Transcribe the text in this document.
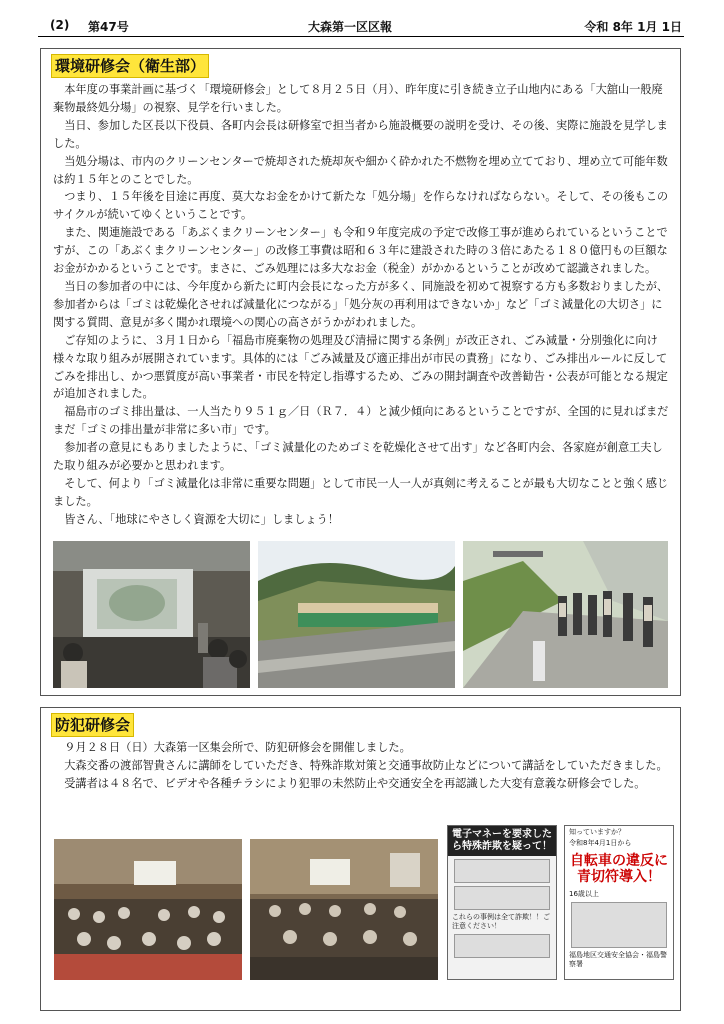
(2) 第47号	大森第一区区報	令和 8年 1月 1日
環境研修会（衛生部）

本年度の事業計画に基づく「環境研修会」として８月２５日（月）、昨年度に引き続き立子山地内にある「大舘山一般廃棄物最終処分場」の視察、見学を行いました。

当日、参加した区長以下役員、各町内会長は研修室で担当者から施設概要の説明を受け、その後、実際に施設を見学しました。

当処分場は、市内のクリーンセンターで焼却された焼却灰や細かく砕かれた不燃物を埋め立てており、埋め立て可能年数は約１５年とのことでした。

つまり、１５年後を目途に再度、莫大なお金をかけて新たな「処分場」を作らなければならない。そして、その後もこのサイクルが続いてゆくということです。

また、関連施設である「あぶくまクリーンセンター」も令和９年度完成の予定で改修工事が進められているということですが、この「あぶくまクリーンセンター」の改修工事費は昭和６３年に建設された時の３倍にあたる１８０億円もの巨額なお金がかかるということです。まさに、ごみ処理には多大なお金（税金）がかかるということが改めて認識されました。

当日の参加者の中には、今年度から新たに町内会長になった方が多く、同施設を初めて視察する方も多数おりましたが、参加者からは「ゴミは乾燥化させれば減量化につながる」「処分灰の再利用はできないか」など「ゴミ減量化の大切さ」に関する質問、意見が多く聞かれ環境への関心の高さがうかがわれました。

ご存知のように、３月１日から「福島市廃棄物の処理及び清掃に関する条例」が改正され、ごみ減量・分別強化に向け様々な取り組みが展開されています。具体的には「ごみ減量及び適正排出が市民の責務」になり、ごみ排出ルールに反してごみを排出し、かつ悪質度が高い事業者・市民を特定し指導するため、ごみの開封調査や改善勧告・公表が可能となる規定が追加されました。

福島市のゴミ排出量は、一人当たり９５１ｇ／日（Ｒ７．４）と減少傾向にあるということですが、全国的に見ればまだまだ「ゴミの排出量が非常に多い市」です。

参加者の意見にもありましたように、「ゴミ減量化のためゴミを乾燥化させて出す」など各町内会、各家庭が創意工夫した取り組みが必要かと思われます。

そして、何より「ゴミ減量化は非常に重要な問題」として市民一人一人が真剣に考えることが最も大切なことと強く感じました。

皆さん、「地球にやさしく資源を大切に」しましょう！

防犯研修会

９月２８日（日）大森第一区集会所で、防犯研修会を開催しました。

大森交番の渡部智貴さんに講師をしていただき、特殊詐欺対策と交通事故防止などについて講話をしていただきました。

受講者は４８名で、ビデオや各種チラシにより犯罪の未然防止や交通安全を再認識した大変有意義な研修会でした。

電子マネーを要求したら特殊詐欺を疑って！
これらの事例は全て詐欺！！ご注意ください！
知っていますか？
令和8年4月1日から
自転車の違反に青切符導入！
16歳以上
福島地区交通安全協会・福島警察署
